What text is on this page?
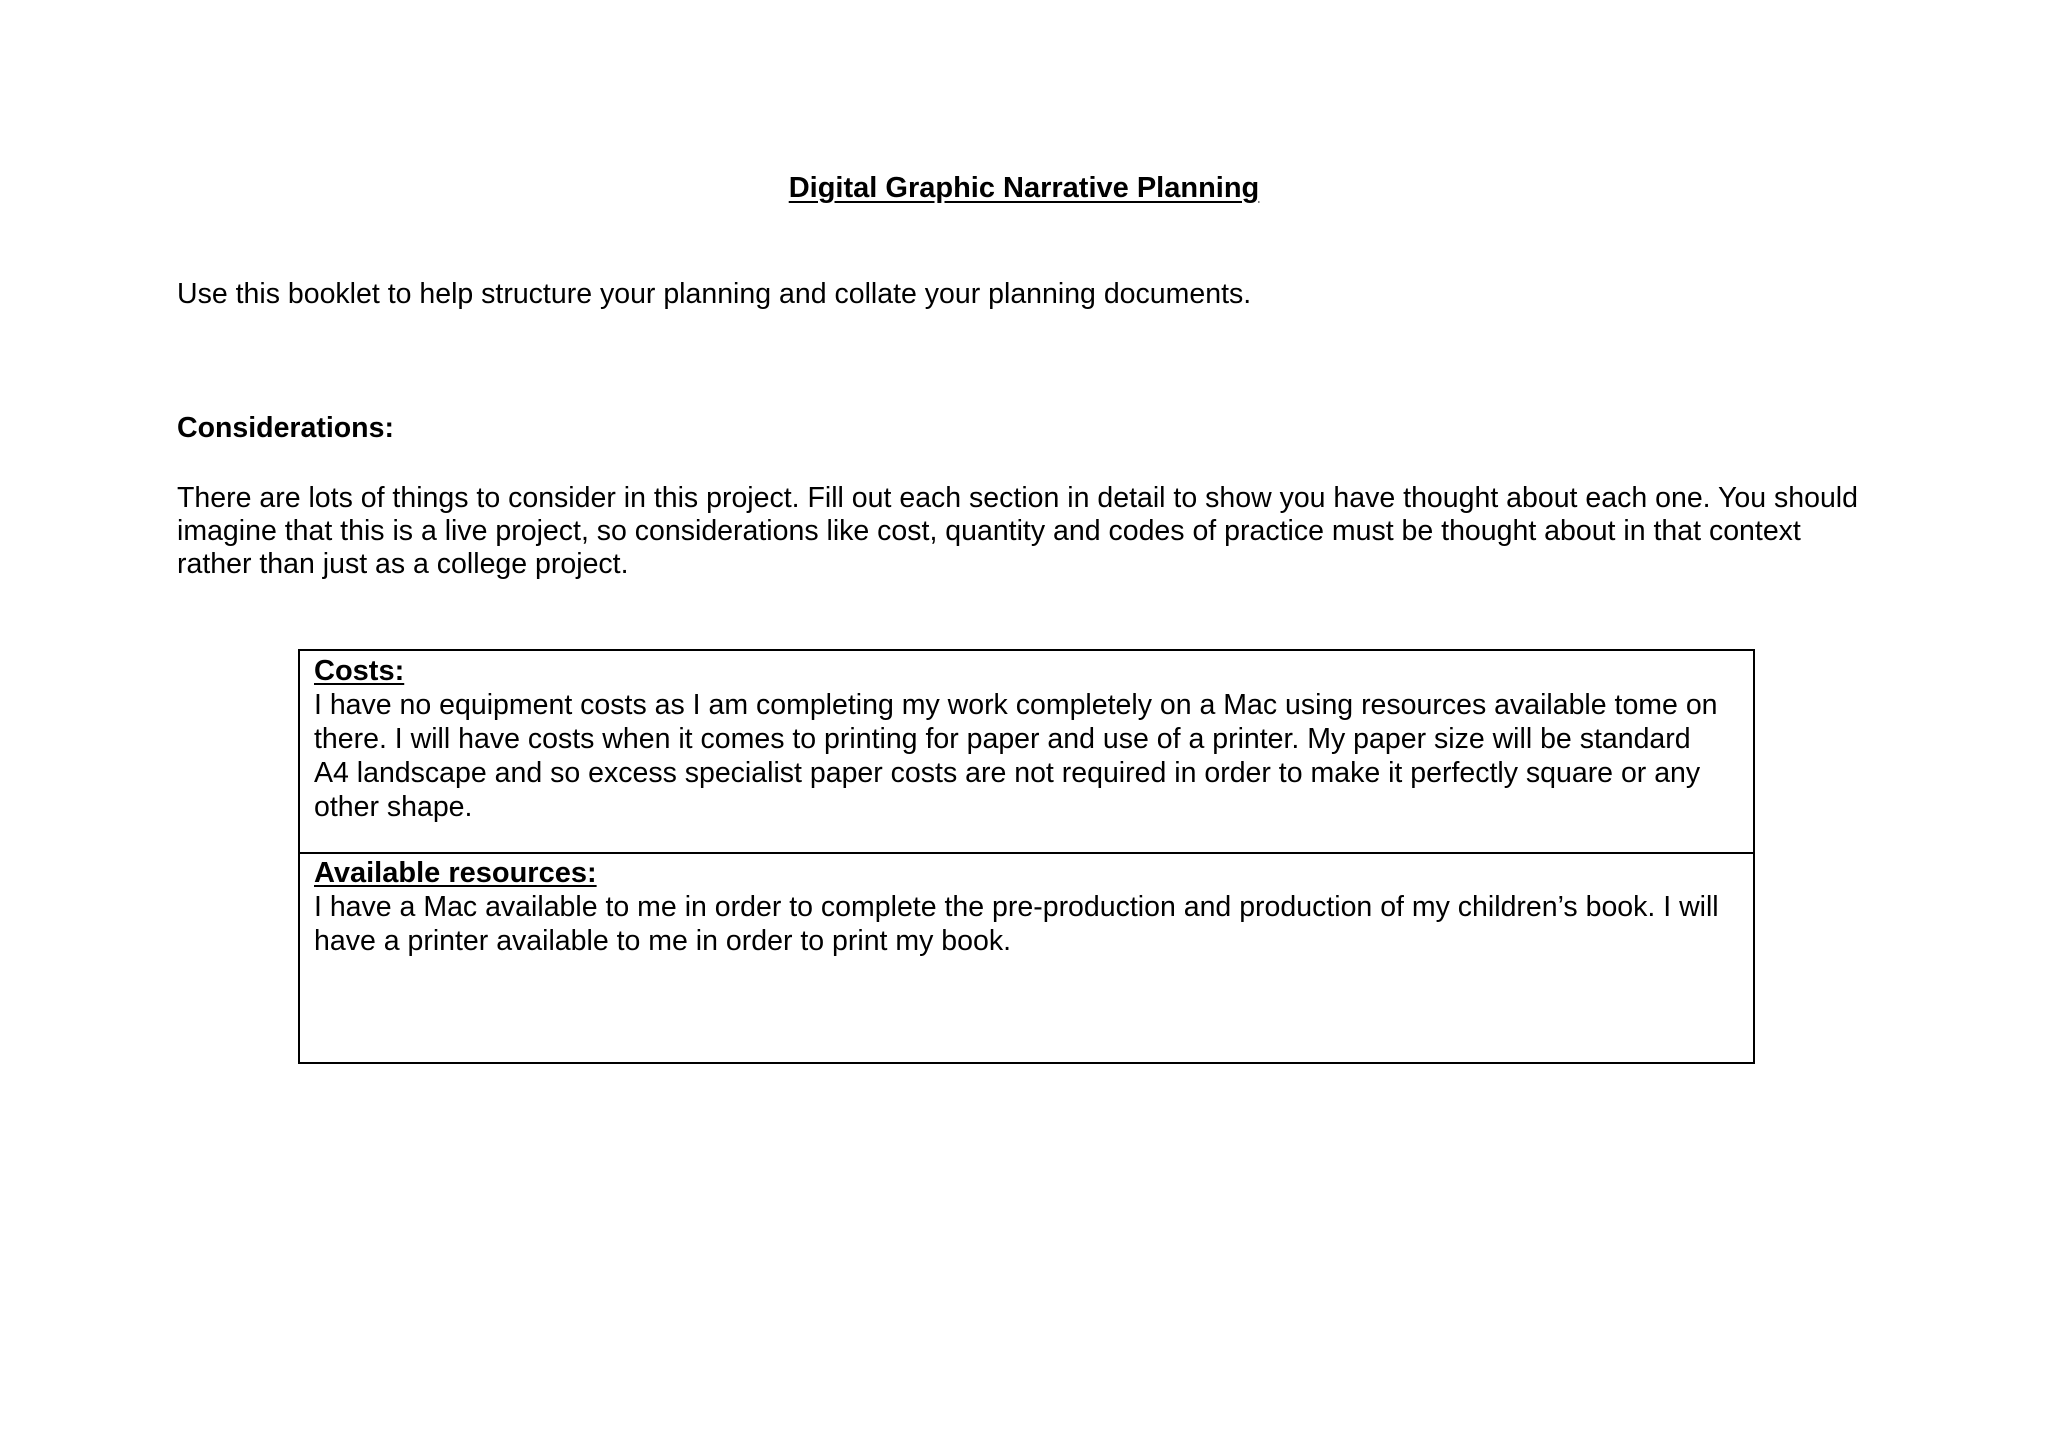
Digital Graphic Narrative Planning

Use this booklet to help structure your planning and collate your planning documents.

Considerations:

There are lots of things to consider in this project. Fill out each section in detail to show you have thought about each one. You should imagine that this is a live project, so considerations like cost, quantity and codes of practice must be thought about in that context rather than just as a college project.

Costs:

I have no equipment costs as I am completing my work completely on a Mac using resources available tome on there. I will have costs when it comes to printing for paper and use of a printer. My paper size will be standard A4 landscape and so excess specialist paper costs are not required in order to make it perfectly square or any other shape.

Available resources:

I have a Mac available to me in order to complete the pre-production and production of my children’s book. I will have a printer available to me in order to print my book.
